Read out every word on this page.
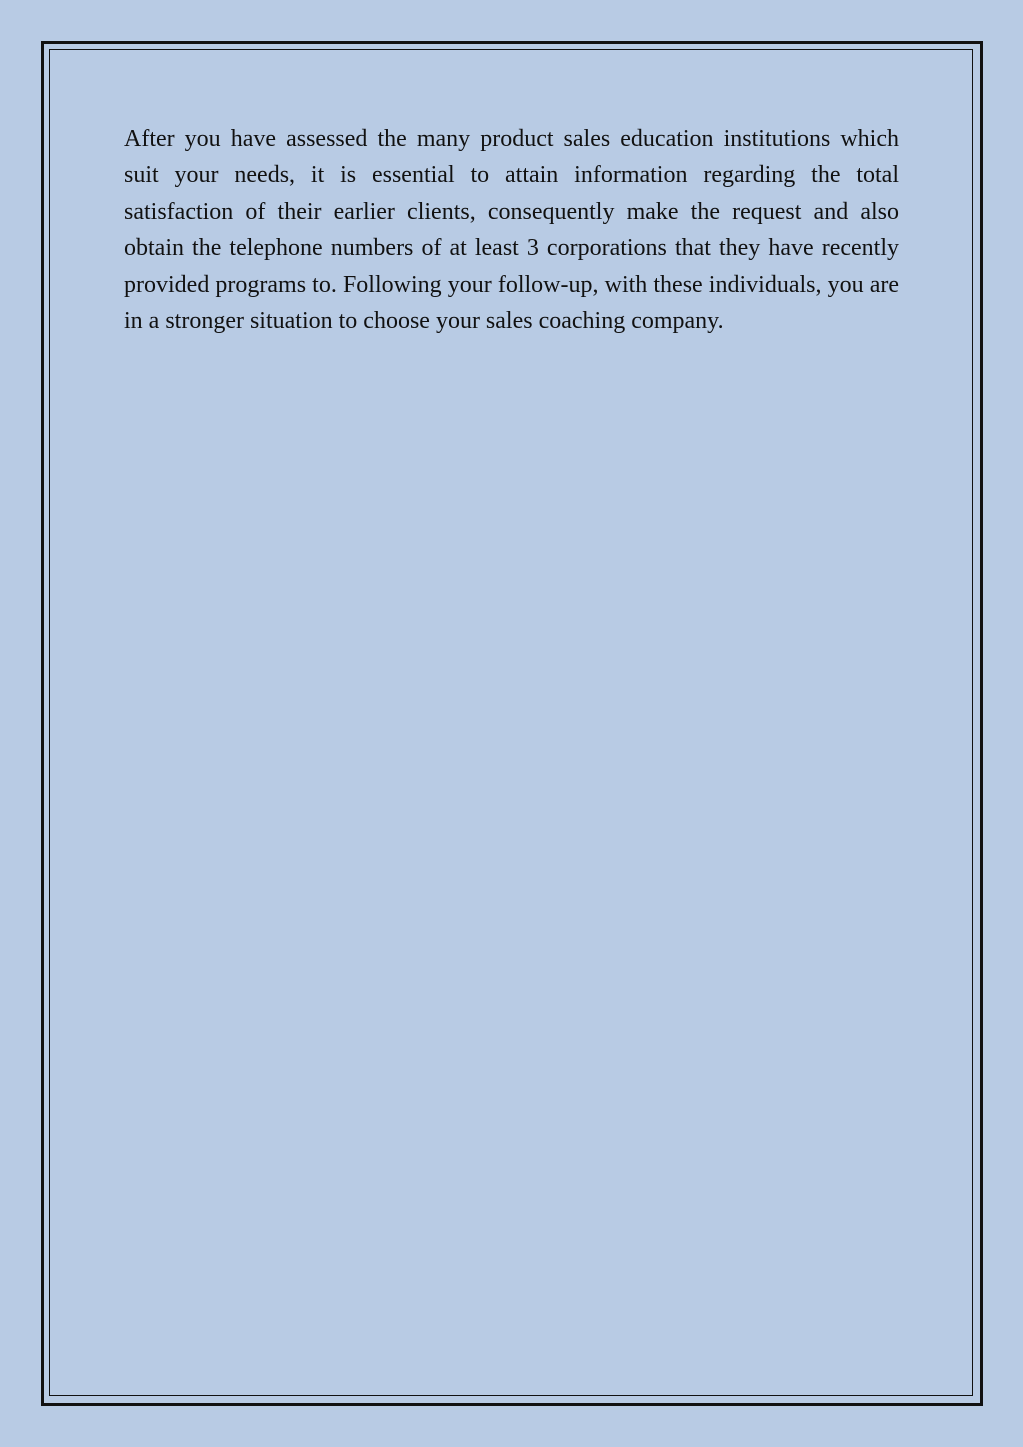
After you have assessed the many product sales education institutions which suit your needs, it is essential to attain information regarding the total satisfaction of their earlier clients, consequently make the request and also obtain the telephone numbers of at least 3 corporations that they have recently provided programs to. Following your follow-up, with these individuals, you are in a stronger situation to choose your sales coaching company.
